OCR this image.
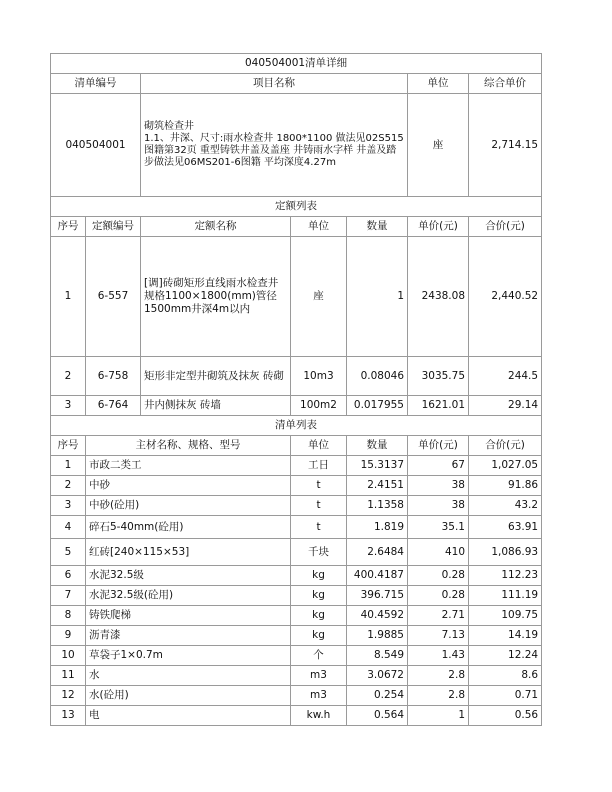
040504001清单详细						
清单编号		项目名称			单位	综合单价
040504001		砌筑检查井
1.1、井深、尺寸:雨水检查井 1800*1100 做法见02S515图籍第32页 重型铸铁井盖及盖座 井铸雨水字样 井盖及踏步做法见06MS201-6图籍 平均深度4.27m			座	2,714.15
定额列表						
序号	定额编号	定额名称	单位	数量	单价(元)	合价(元)
1	6-557	[调]砖砌矩形直线雨水检查井规格1100×1800(mm)管径1500mm井深4m以内	座	1	2438.08	2,440.52
2	6-758	矩形非定型井砌筑及抹灰 砖砌	10m3	0.08046	3035.75	244.5
3	6-764	井内侧抹灰 砖墙	100m2	0.017955	1621.01	29.14
清单列表						
序号	主材名称、规格、型号		单位	数量	单价(元)	合价(元)
1	市政二类工		工日	15.3137	67	1,027.05
2	中砂		t	2.4151	38	91.86
3	中砂(砼用)		t	1.1358	38	43.2
4	碎石5-40mm(砼用)		t	1.819	35.1	63.91
5	红砖[240×115×53]		千块	2.6484	410	1,086.93
6	水泥32.5级		kg	400.4187	0.28	112.23
7	水泥32.5级(砼用)		kg	396.715	0.28	111.19
8	铸铁爬梯		kg	40.4592	2.71	109.75
9	沥青漆		kg	1.9885	7.13	14.19
10	草袋子1×0.7m		个	8.549	1.43	12.24
11	水		m3	3.0672	2.8	8.6
12	水(砼用)		m3	0.254	2.8	0.71
13	电		kw.h	0.564	1	0.56
